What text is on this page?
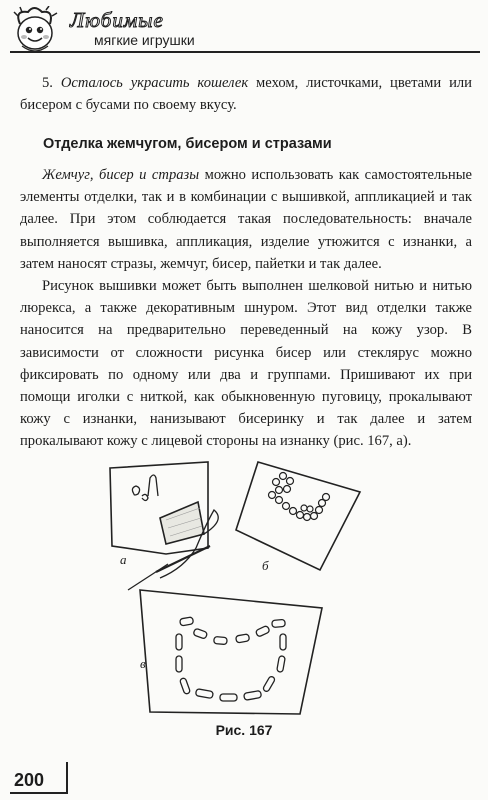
Любимые
мягкие игрушки
5. Осталось украсить кошелек мехом, листочками, цветами или бисером с бусами по своему вкусу.
Отделка жемчугом, бисером и стразами
Жемчуг, бисер и стразы можно использовать как самостоятельные элементы отделки, так и в комбинации с вышивкой, аппликацией и так далее. При этом соблюдается такая последовательность: вначале выполняется вышивка, аппликация, изделие утюжится с изнанки, а затем наносят стразы, жемчуг, бисер, пайетки и так далее.
Рисунок вышивки может быть выполнен шелковой нитью и нитью люрекса, а также декоративным шнуром. Этот вид отделки также наносится на предварительно переведенный на кожу узор. В зависимости от сложности рисунка бисер или стеклярус можно фиксировать по одному или два и группами. Пришивают их при помощи иголки с ниткой, как обыкновенную пуговицу, прокалывают кожу с изнанки, нанизывают бисеринку и так далее и затем прокалывают кожу с лицевой стороны на изнанку (рис. 167, а).
а	б
в
Рис. 167
200
